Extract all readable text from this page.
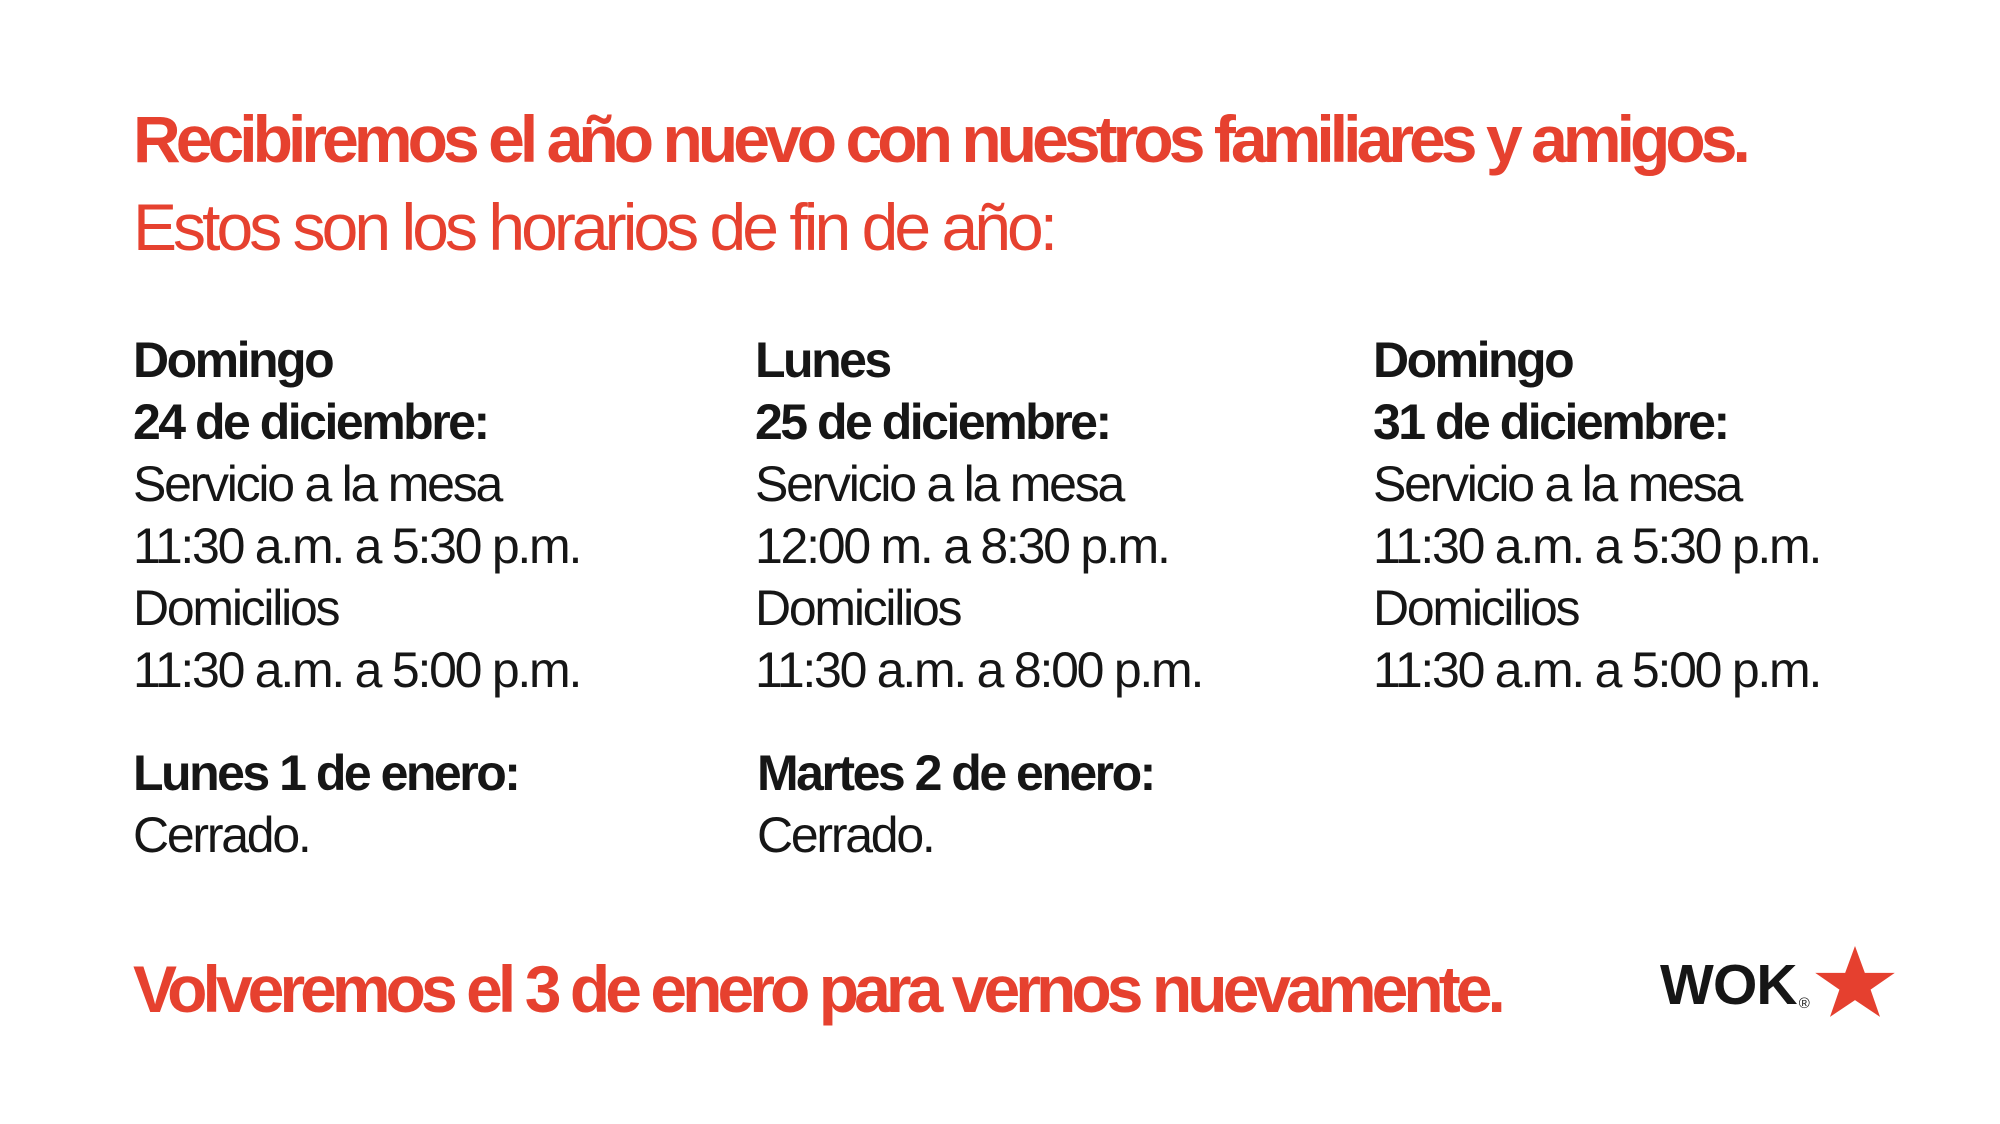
Recibiremos el año nuevo con nuestros familiares y amigos.
Estos son los horarios de fin de año:
Domingo
24 de diciembre:
Servicio a la mesa
11:30 a.m. a 5:30 p.m.
Domicilios
11:30 a.m. a 5:00 p.m.
Lunes
25 de diciembre:
Servicio a la mesa
12:00 m. a 8:30 p.m.
Domicilios
11:30 a.m. a 8:00 p.m.
Domingo
31 de diciembre:
Servicio a la mesa
11:30 a.m. a 5:30 p.m.
Domicilios
11:30 a.m. a 5:00 p.m.
Lunes 1 de enero:
Cerrado.
Martes 2 de enero:
Cerrado.
Volveremos el 3 de enero para vernos nuevamente.	WOK ®
